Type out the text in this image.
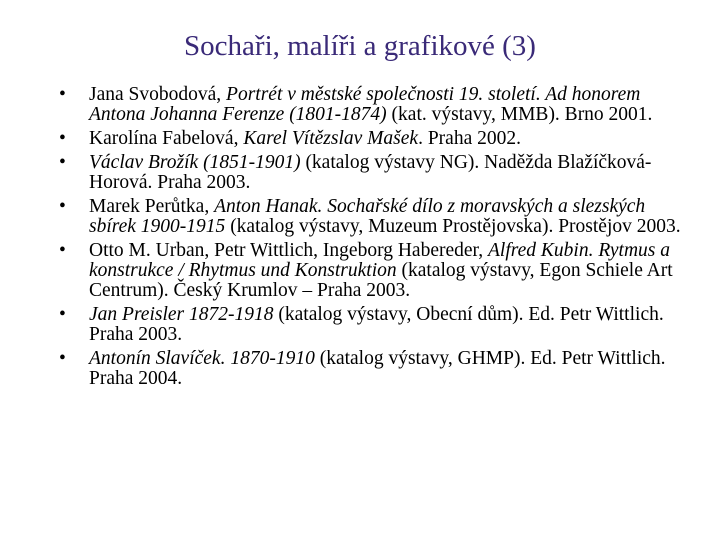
Sochaři, malíři a grafikové (3)
• Jana Svobodová, Portrét v městské společnosti 19. století. Ad honorem Antona Johanna Ferenze (1801-1874) (kat. výstavy, MMB). Brno 2001.
• Karolína Fabelová, Karel Vítězslav Mašek. Praha 2002.
• Václav Brožík (1851-1901) (katalog výstavy NG). Naděžda Blažíčková-Horová. Praha 2003.
• Marek Perůtka, Anton Hanak. Sochařské dílo z moravských a slezských sbírek 1900-1915 (katalog výstavy, Muzeum Prostějovska). Prostějov 2003.
• Otto M. Urban, Petr Wittlich, Ingeborg Habereder, Alfred Kubin. Rytmus a konstrukce / Rhytmus und Konstruktion (katalog výstavy, Egon Schiele Art Centrum). Český Krumlov – Praha 2003.
• Jan Preisler 1872-1918 (katalog výstavy, Obecní dům). Ed. Petr Wittlich. Praha 2003.
• Antonín Slavíček. 1870-1910 (katalog výstavy, GHMP). Ed. Petr Wittlich. Praha 2004.
